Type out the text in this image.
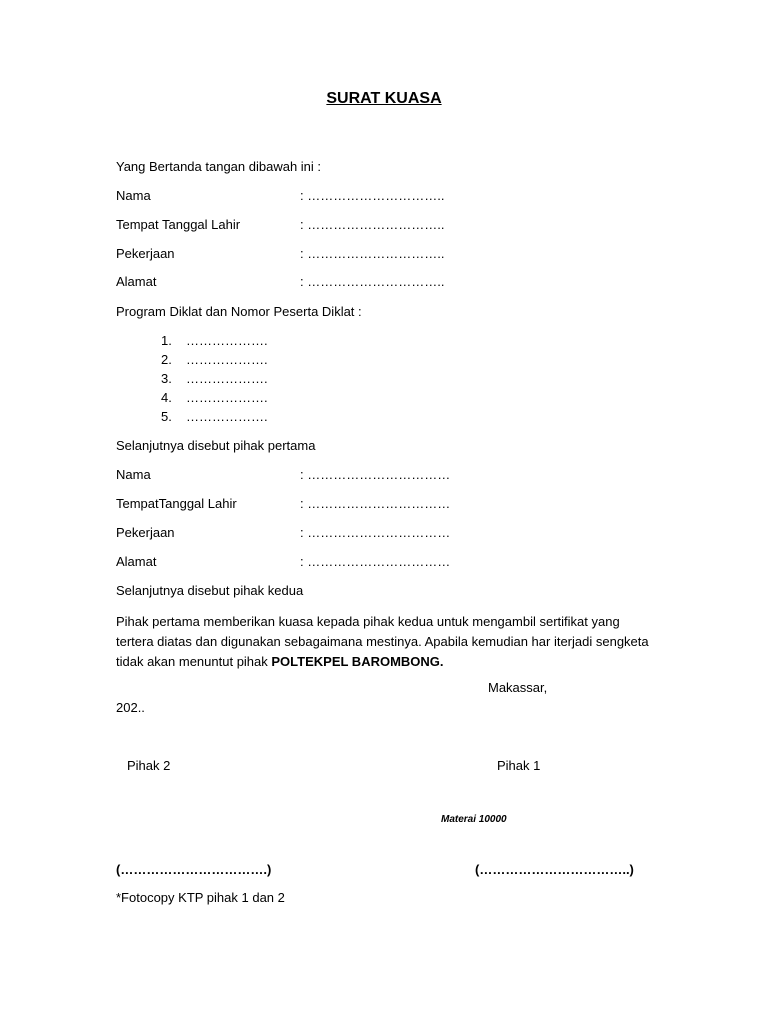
SURAT KUASA
Yang Bertanda tangan dibawah ini :
Nama	: …………………………..
Tempat Tanggal Lahir	: …………………………..
Pekerjaan	: …………………………..
Alamat	: …………………………..
Program Diklat dan Nomor Peserta Diklat :
1. ……………….
2. ……………….
3. ……………….
4. ……………….
5. ……………….
Selanjutnya disebut pihak pertama
Nama	: ……………………………
TempatTanggal Lahir	: ……………………………
Pekerjaan	: ……………………………
Alamat	: ……………………………
Selanjutnya disebut pihak kedua
Pihak pertama memberikan kuasa kepada pihak kedua untuk mengambil sertifikat yang tertera diatas dan digunakan sebagaimana mestinya. Apabila kemudian har iterjadi sengketa tidak akan menuntut pihak POLTEKPEL BAROMBONG.
Makassar,
202..
Pihak 2	Pihak 1
Materai 10000
(…………………………….)	(……………………………..)
*Fotocopy KTP pihak 1 dan 2
